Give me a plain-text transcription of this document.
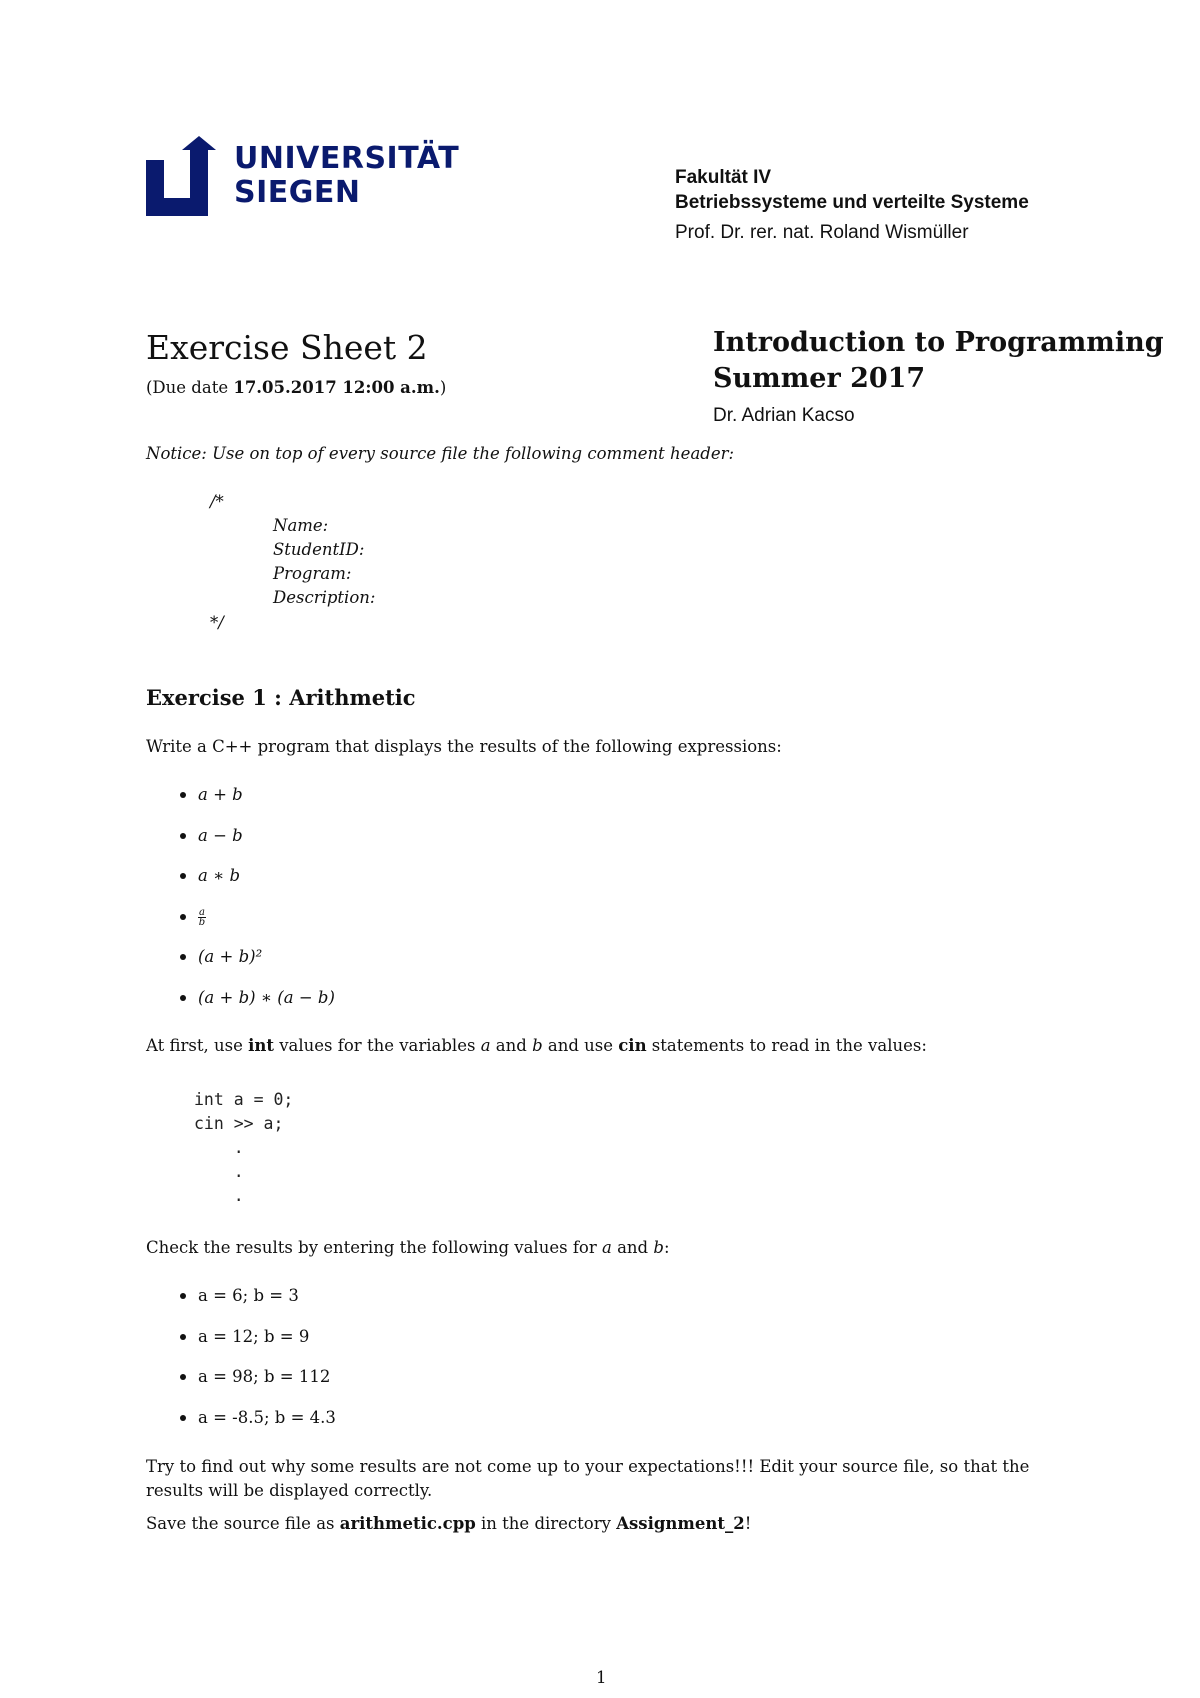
UNIVERSITÄT
SIEGEN	Fakultät IV
Betriebssysteme und verteilte Systeme
Prof. Dr. rer. nat. Roland Wismüller
Exercise Sheet 2
(Due date 17.05.2017 12:00 a.m.)
Introduction to Programming
Summer 2017
Dr. Adrian Kacso
Notice: Use on top of every source file the following comment header:
/*
Name:
StudentID:
Program:
Description:
*/
Exercise 1 : Arithmetic
Write a C++ program that displays the results of the following expressions:
a + b
a − b
a ∗ b
$\frac{a}{b}$
(a + b)²
(a + b) ∗ (a − b)
At first, use int values for the variables a and b and use cin statements to read in the values:
int a = 0;
cin >> a;
.
.
.
Check the results by entering the following values for a and b:
a = 6; b = 3
a = 12; b = 9
a = 98; b = 112
a = -8.5; b = 4.3
Try to find out why some results are not come up to your expectations!!! Edit your source file, so that the results will be displayed correctly.
Save the source file as arithmetic.cpp in the directory Assignment_2!
1
